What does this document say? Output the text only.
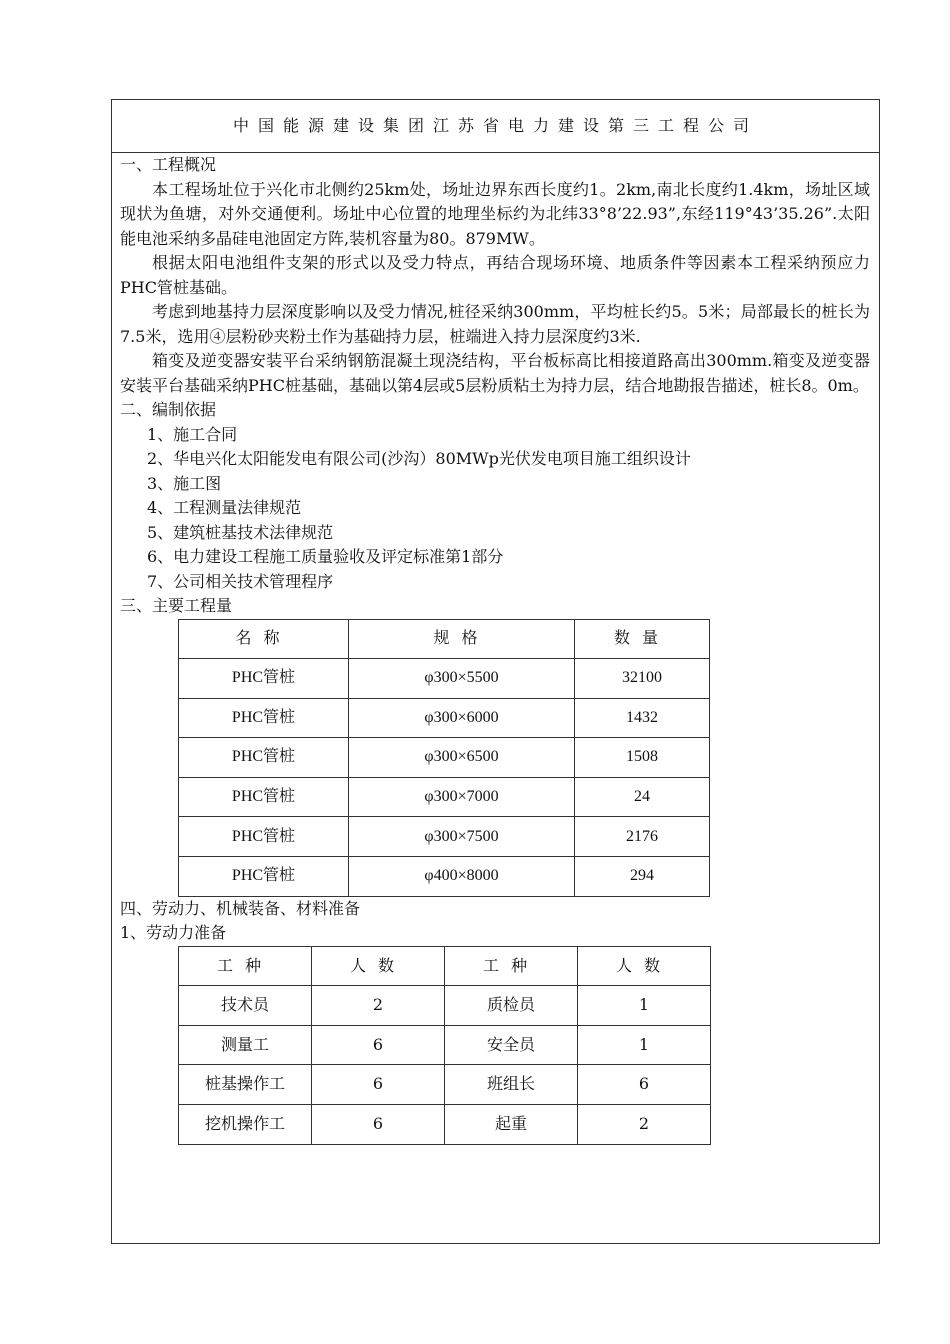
中国能源建设集团江苏省电力建设第三工程公司

一、工程概况

本工程场址位于兴化市北侧约25km处，场址边界东西长度约1。2km,南北长度约1.4km，场址区域现状为鱼塘，对外交通便利。场址中心位置的地理坐标约为北纬33°8’22.93”,东经119°43’35.26”.太阳能电池采纳多晶硅电池固定方阵,装机容量为80。879MW。

根据太阳电池组件支架的形式以及受力特点，再结合现场环境、地质条件等因素本工程采纳预应力PHC管桩基础。

考虑到地基持力层深度影响以及受力情况,桩径采纳300mm，平均桩长约5。5米；局部最长的桩长为7.5米，选用④层粉砂夹粉土作为基础持力层，桩端进入持力层深度约3米.

箱变及逆变器安装平台采纳钢筋混凝土现浇结构，平台板标高比相接道路高出300mm.箱变及逆变器安装平台基础采纳PHC桩基础，基础以第4层或5层粉质粘土为持力层，结合地勘报告描述，桩长8。0m。

二、编制依据

1、施工合同

2、华电兴化太阳能发电有限公司(沙沟）80MWp光伏发电项目施工组织设计

3、施工图

4、工程测量法律规范

5、建筑桩基技术法律规范

6、电力建设工程施工质量验收及评定标准第1部分

7、公司相关技术管理程序

三、主要工程量

名称	规格	数量
PHC管桩	φ300×5500	32100
PHC管桩	φ300×6000	1432
PHC管桩	φ300×6500	1508
PHC管桩	φ300×7000	24
PHC管桩	φ300×7500	2176
PHC管桩	φ400×8000	294

四、劳动力、机械装备、材料准备

1、劳动力准备

工种	人数	工种	人数
技术员	2	质检员	1
测量工	6	安全员	1
桩基操作工	6	班组长	6
挖机操作工	6	起重	2
